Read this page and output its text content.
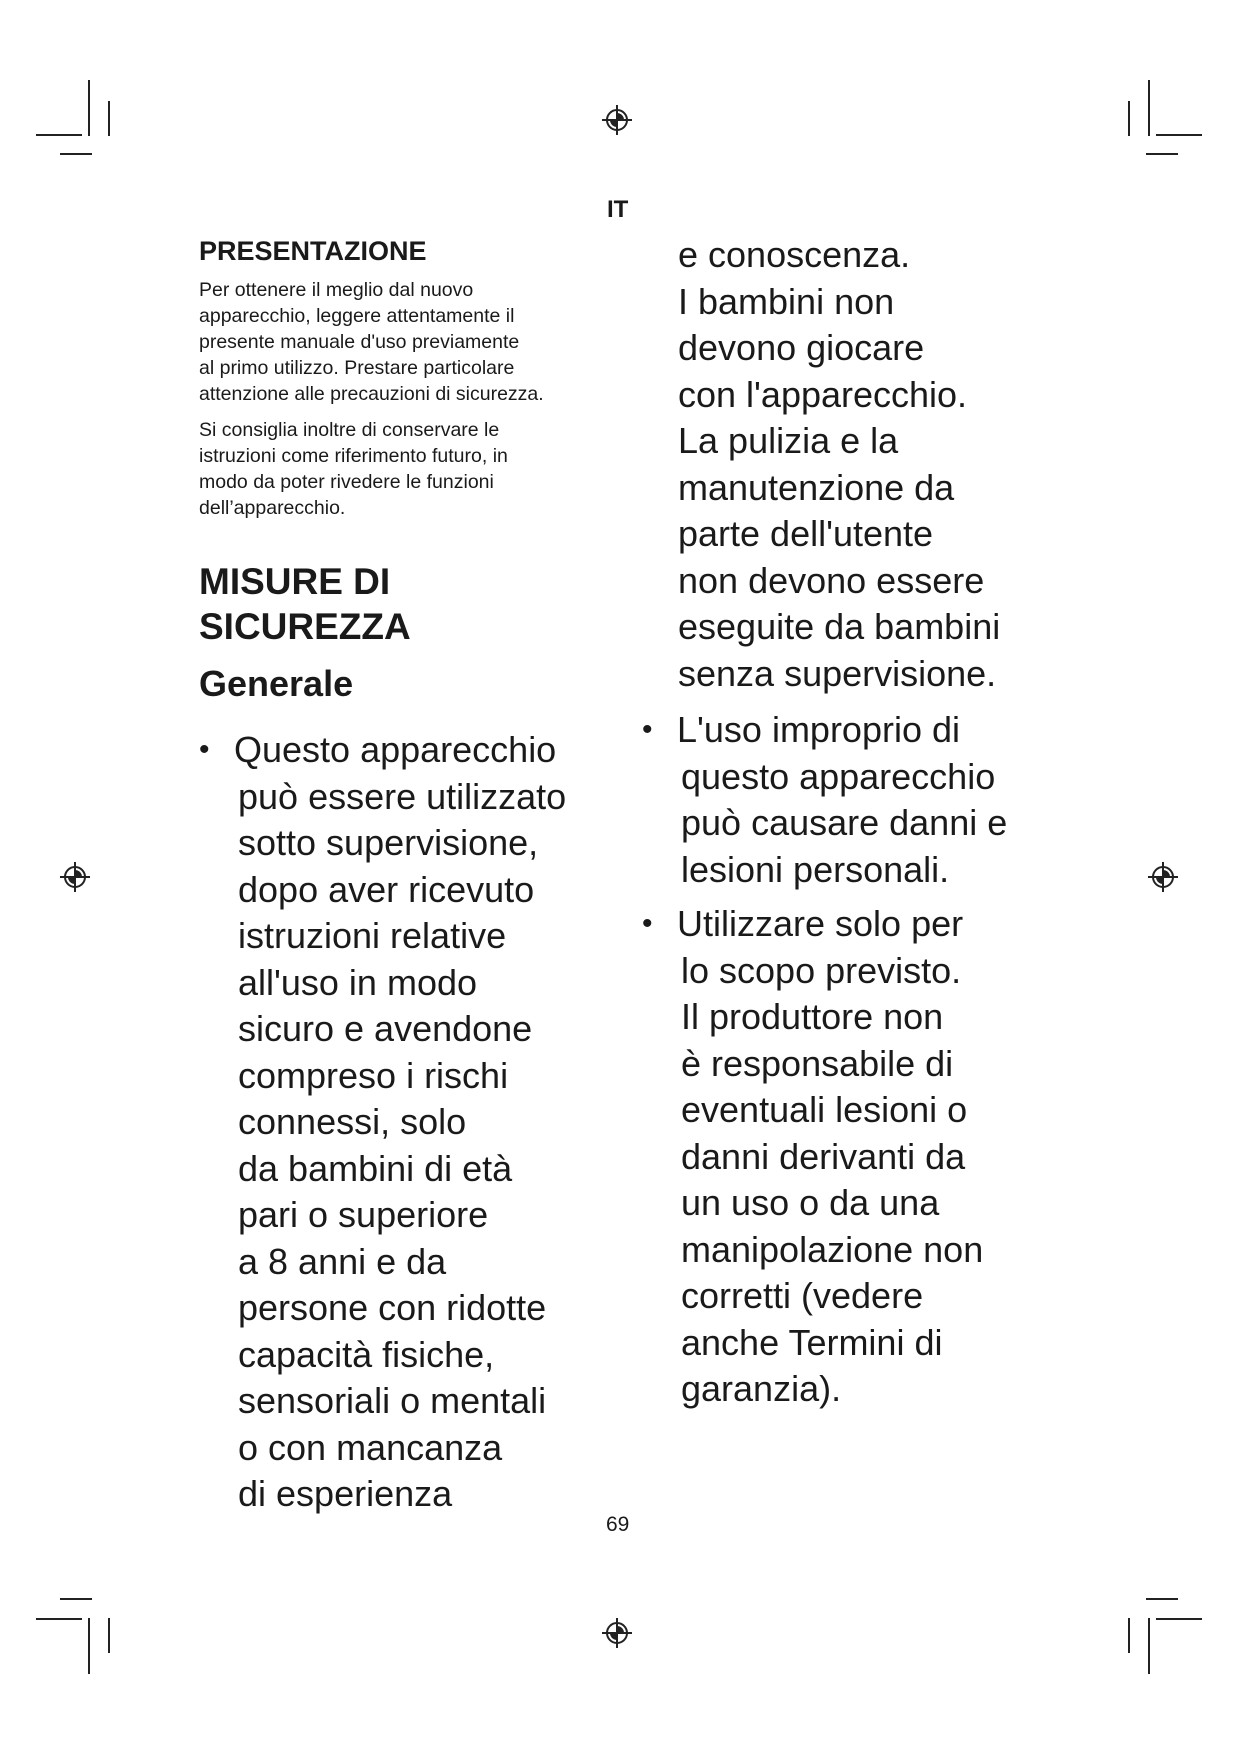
IT
PRESENTAZIONE
Per ottenere il meglio dal nuovo
apparecchio, leggere attentamente il
presente manuale d'uso previamente
al primo utilizzo. Prestare particolare
attenzione alle precauzioni di sicurezza.
Si consiglia inoltre di conservare le
istruzioni come riferimento futuro, in
modo da poter rivedere le funzioni
dell’apparecchio.
MISURE DI
SICUREZZA
Generale
• Questo apparecchio

può essere utilizzato

sotto supervisione,

dopo aver ricevuto

istruzioni relative

all'uso in modo

sicuro e avendone

compreso i rischi

connessi, solo

da bambini di età

pari o superiore

a 8 anni e da

persone con ridotte

capacità fisiche,

sensoriali o mentali

o con mancanza

di esperienza

e conoscenza.
I bambini non
devono giocare
con l'apparecchio.
La pulizia e la
manutenzione da
parte dell'utente
non devono essere
eseguite da bambini
senza supervisione.
• L'uso improprio di

questo apparecchio

può causare danni e

lesioni personali.

• Utilizzare solo per

lo scopo previsto.

Il produttore non

è responsabile di

eventuali lesioni o

danni derivanti da

un uso o da una

manipolazione non

corretti (vedere

anche Termini di

garanzia).

69
